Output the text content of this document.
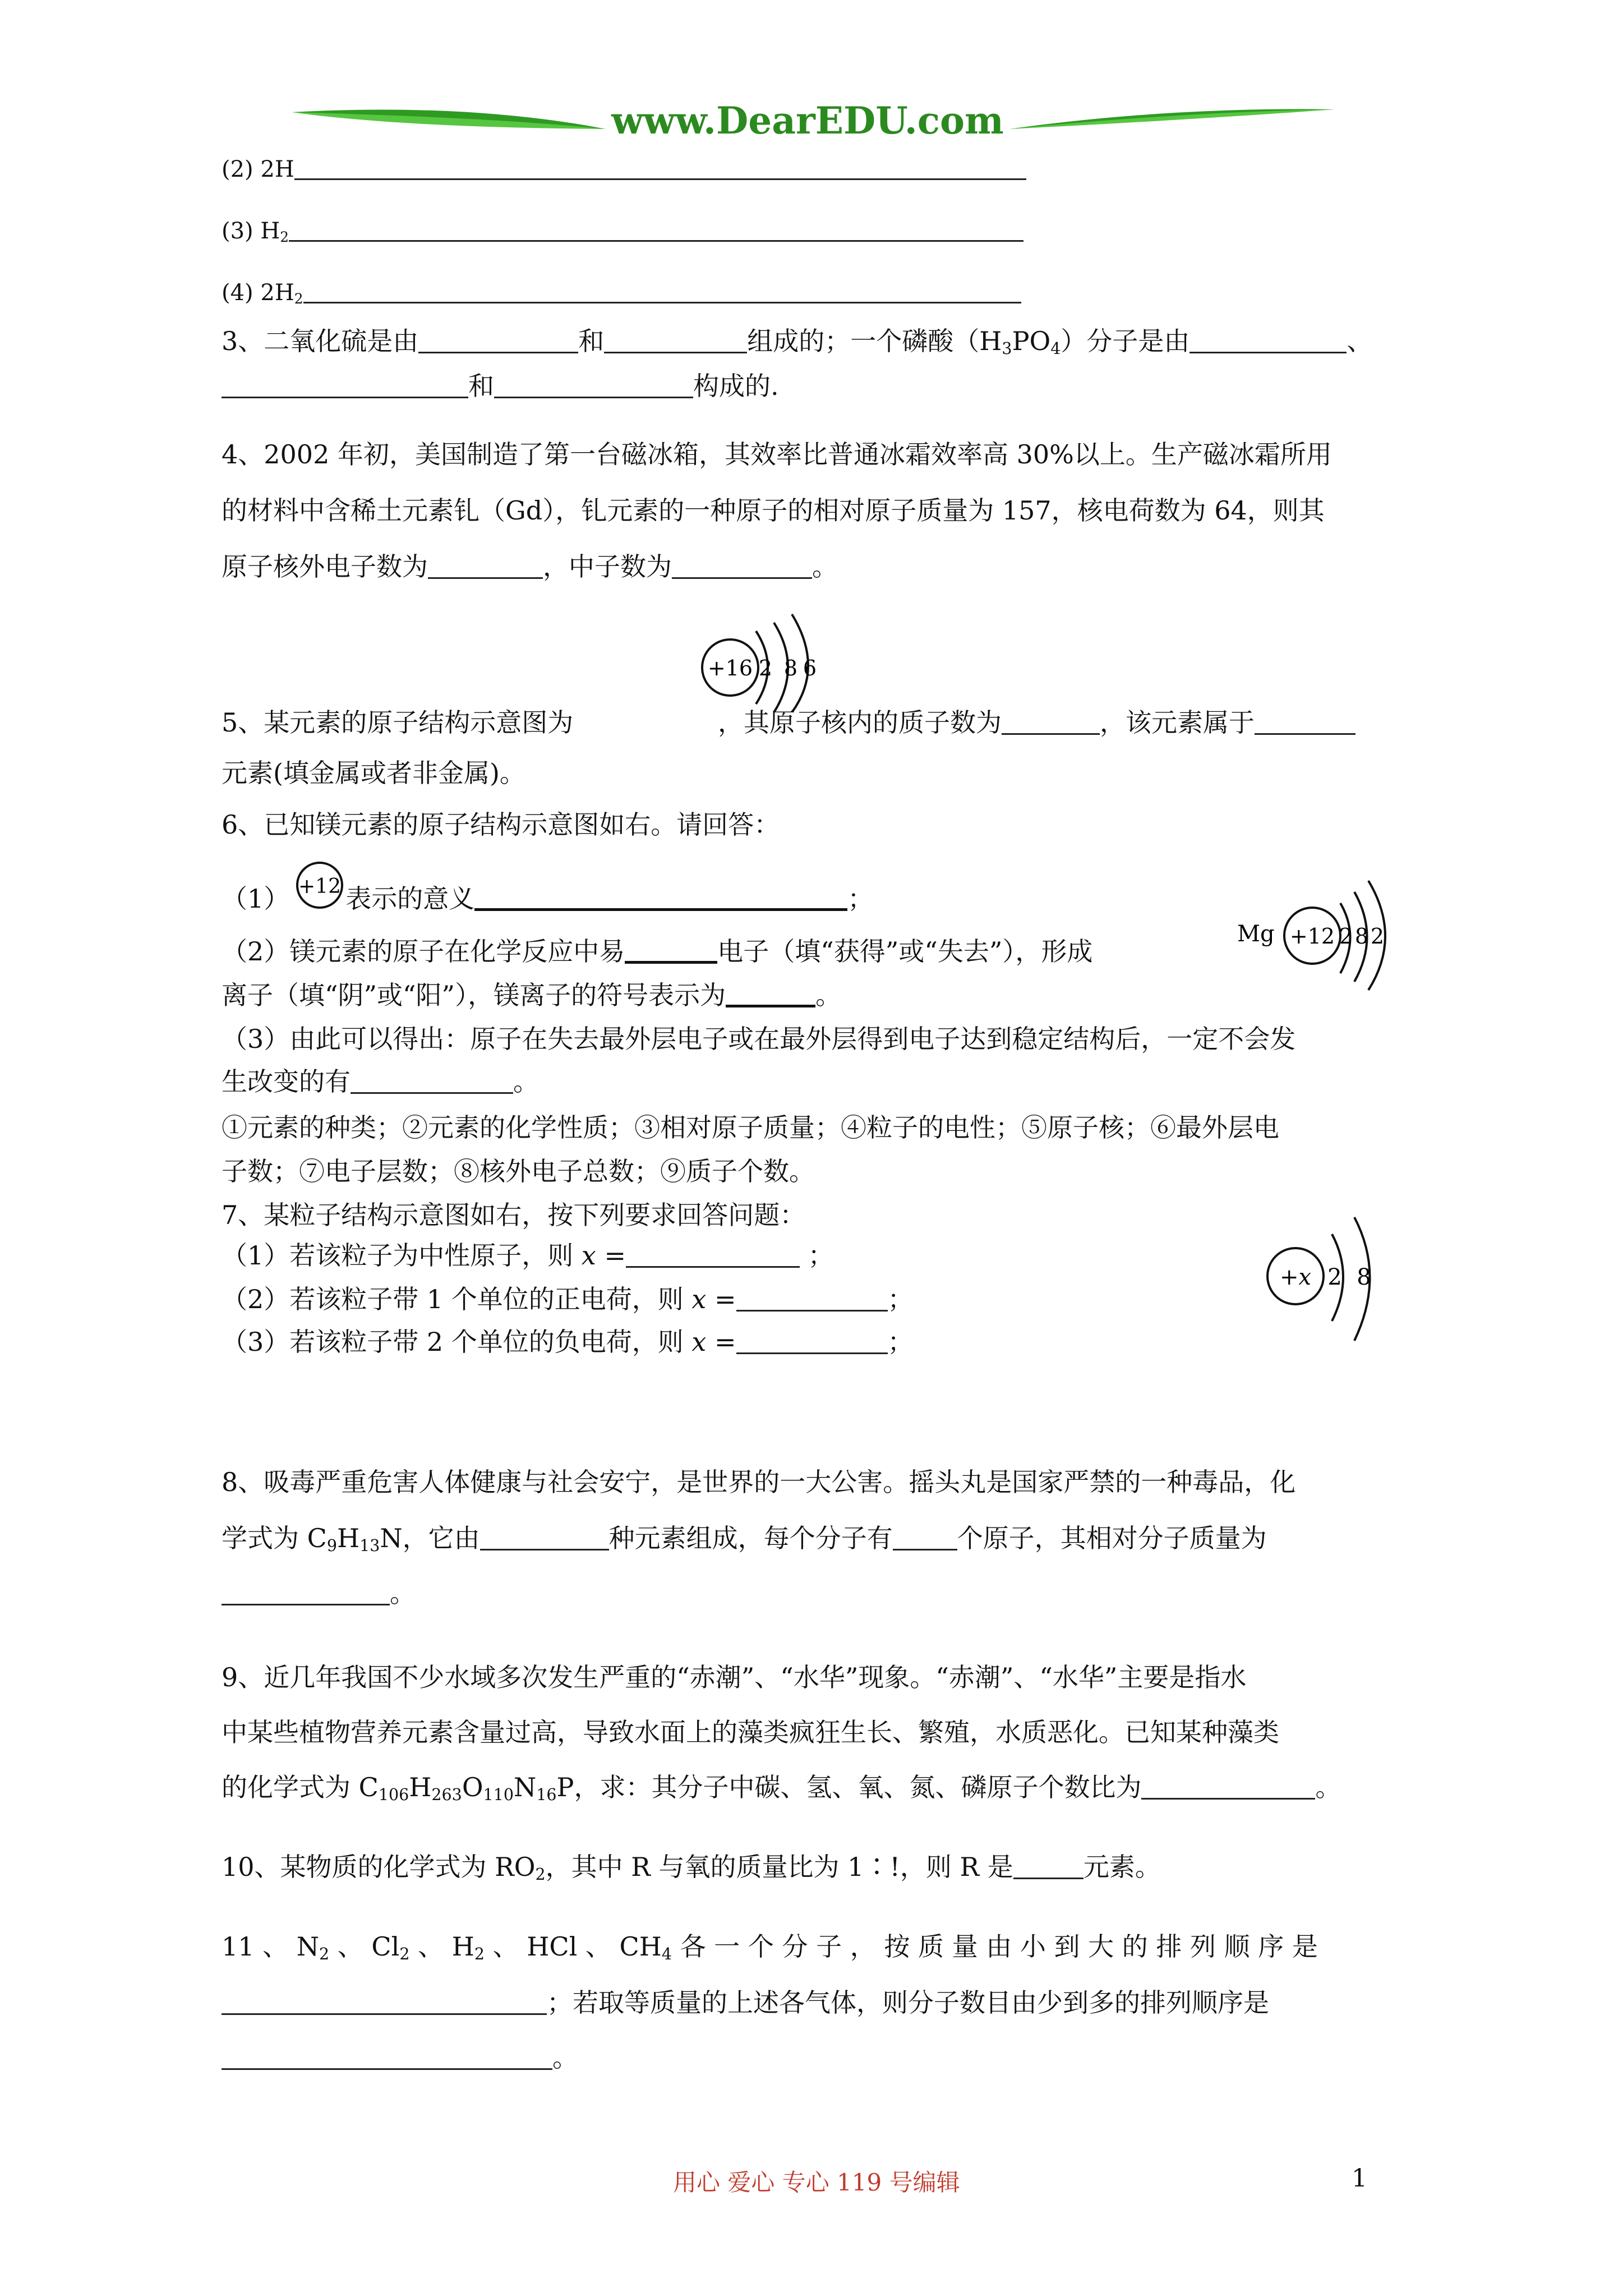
www.DearEDU.com
(2) 2H
(3) $H_2$
(4) $2H_2$
3、二氧化硫是由	和	组成的；一个磷酸$(H_3PO_4)$分子是由	、
和	构成的.
4、2002 年初，美国制造了第一台磁冰箱，其效率比普通冰霜效率高 30%以上。生产磁冰霜所用
的材料中含稀土元素钆（Gd），钆元素的一种原子的相对原子质量为 157，核电荷数为 64，则其
原子核外电子数为	，中子数为	。
+16 2 8 6
5、某元素的原子结构示意图为	，其原子核内的质子数为	，该元素属于
元素(填金属或者非金属)。
6、已知镁元素的原子结构示意图如右。请回答：
（1） 表示的意义	；
+12
（2）镁元素的原子在化学反应中易	电子（填“获得”或“失去”），形成
离子（填“阴”或“阳”），镁离子的符号表示为	。
Mg +12 2 8 2
（3）由此可以得出：原子在失去最外层电子或在最外层得到电子达到稳定结构后，一定不会发
生改变的有	。
①元素的种类；②元素的化学性质；③相对原子质量；④粒子的电性；⑤原子核；⑥最外层电
子数；⑦电子层数；⑧核外电子总数；⑨质子个数。
7、某粒子结构示意图如右，按下列要求回答问题：
（1）若该粒子为中性原子，则 x =	；
（2）若该粒子带 1 个单位的正电荷，则 x =	；
（3）若该粒子带 2 个单位的负电荷，则 x =	；
+x 2 8
8、吸毒严重危害人体健康与社会安宁，是世界的一大公害。摇头丸是国家严禁的一种毒品，化
学式为 $C_9H_{13}N$，它由	种元素组成，每个分子有	个原子，其相对分子质量为
。
9、近几年我国不少水域多次发生严重的“赤潮”、“水华”现象。“赤潮”、“水华”主要是指水
中某些植物营养元素含量过高，导致水面上的藻类疯狂生长、繁殖，水质恶化。已知某种藻类
的化学式为 $C_{106}H_{263}O_{110}N_{16}P$，求：其分子中碳、氢、氧、氮、磷原子个数比为	。
10、某物质的化学式为 $RO_2$，其中 R 与氧的质量比为 1∶!，则 R 是	元素。
11 、 $N_2$ 、 $Cl_2$ 、 $H_2$ 、 HCl 、 $CH_4$ 各 一 个 分 子 ， 按 质 量 由 小 到 大 的 排 列 顺 序 是
；若取等质量的上述各气体，则分子数目由少到多的排列顺序是
。
用心 爱心 专心 119 号编辑	1
